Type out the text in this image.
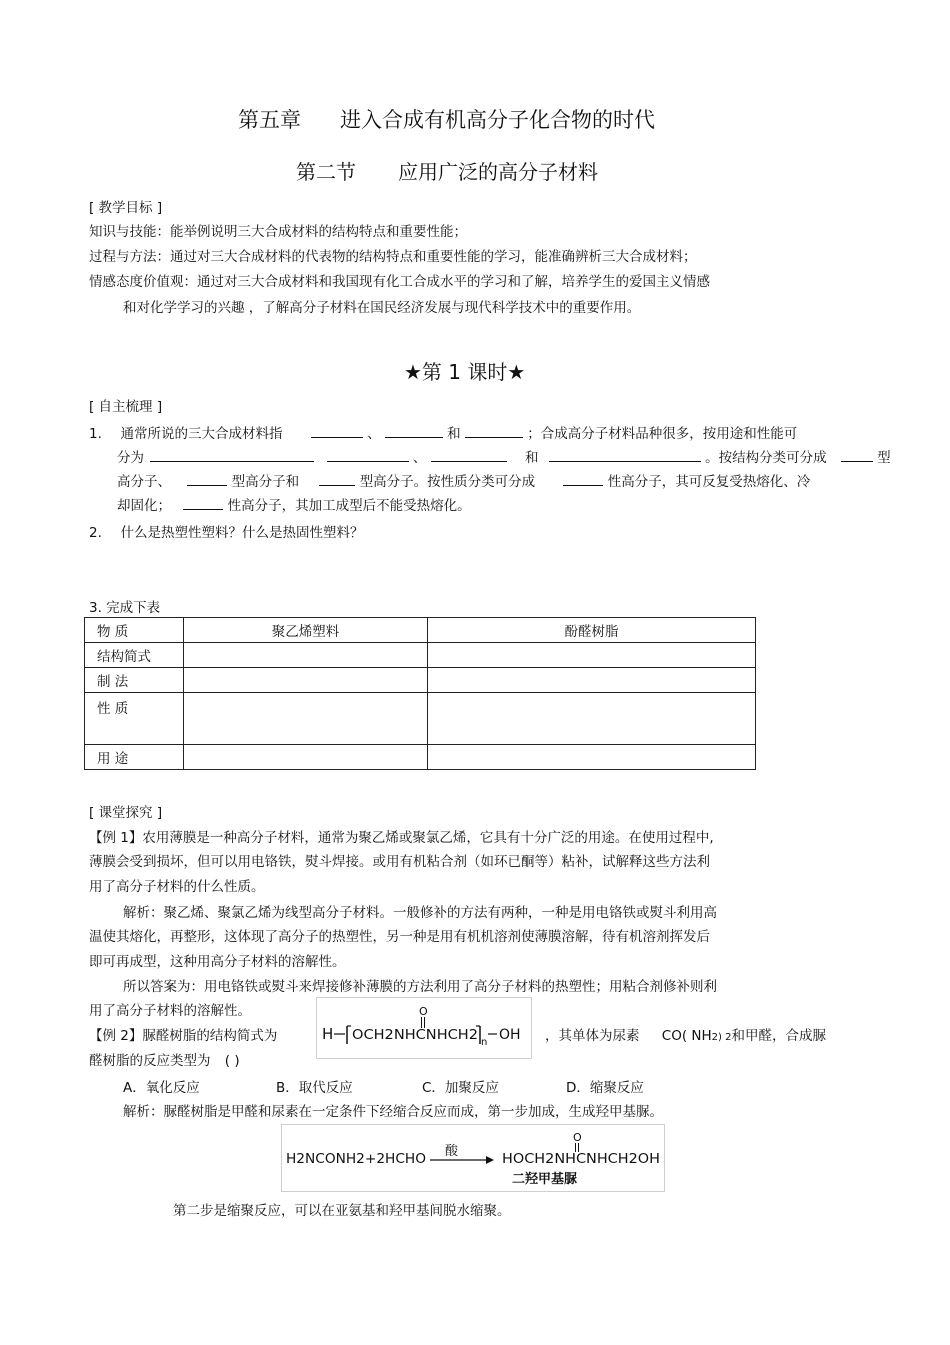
第五章 进入合成有机高分子化合物的时代
第二节 应用广泛的高分子材料
[ 教学目标 ]
知识与技能：能举例说明三大合成材料的结构特点和重要性能；
过程与方法：通过对三大合成材料的代表物的结构特点和重要性能的学习，能准确辨析三大合成材料；
情感态度价值观：通过对三大合成材料和我国现有化工合成水平的学习和了解，培养学生的爱国主义情感
和对化学学习的兴趣 ，了解高分子材料在国民经济发展与现代科学技术中的重要作用。
★第 1 课时★
[ 自主梳理 ]
1. 通常所说的三大合成材料指	、	和	；合成高分子材料品种很多，按用途和性能可
分为	、	和	。按结构分类可分成	型
高分子、	型高分子和	型高分子。按性质分类可分成	性高分子，其可反复受热熔化、冷
却固化；	性高分子，其加工成型后不能受热熔化。
2. 什么是热塑性塑料？什么是热固性塑料？
3. 完成下表
物 质	聚乙烯塑料	酚醛树脂
结构简式		
制 法		
性 质		
用 途		
[ 课堂探究 ]
【例 1】农用薄膜是一种高分子材料，通常为聚乙烯或聚氯乙烯，它具有十分广泛的用途。在使用过程中,
薄膜会受到损坏，但可以用电铬铁，熨斗焊接。或用有机粘合剂（如环已酮等）粘补，试解释这些方法利
用了高分子材料的什么性质。
解析：聚乙烯、聚氯乙烯为线型高分子材料。一般修补的方法有两种，一种是用电铬铁或熨斗利用高
温使其熔化，再整形，这体现了高分子的热塑性，另一种是用有机机溶剂使薄膜溶解，待有机溶剂挥发后
即可再成型，这种用高分子材料的溶解性。
所以答案为：用电铬铁或熨斗来焊接修补薄膜的方法利用了高分子材料的热塑性；用粘合剂修补则利
用了高分子材料的溶解性。
【例 2】脲醛树脂的结构简式为	H OCH2NHCNHCH2
O
n OH ，其单体为尿素 CO( NH2) 2和甲醛，合成脲
醛树脂的反应类型为 ( )
A．氧化反应	B．取代反应	C．加聚反应	D．缩聚反应
解析：脲醛树脂是甲醛和尿素在一定条件下经缩合反应而成，第一步加成，生成羟甲基脲。
H2NCONH2+2HCHO
酸
HOCH2NHCNHCH2OH
O
二羟甲基脲
第二步是缩聚反应，可以在亚氨基和羟甲基间脱水缩聚。
